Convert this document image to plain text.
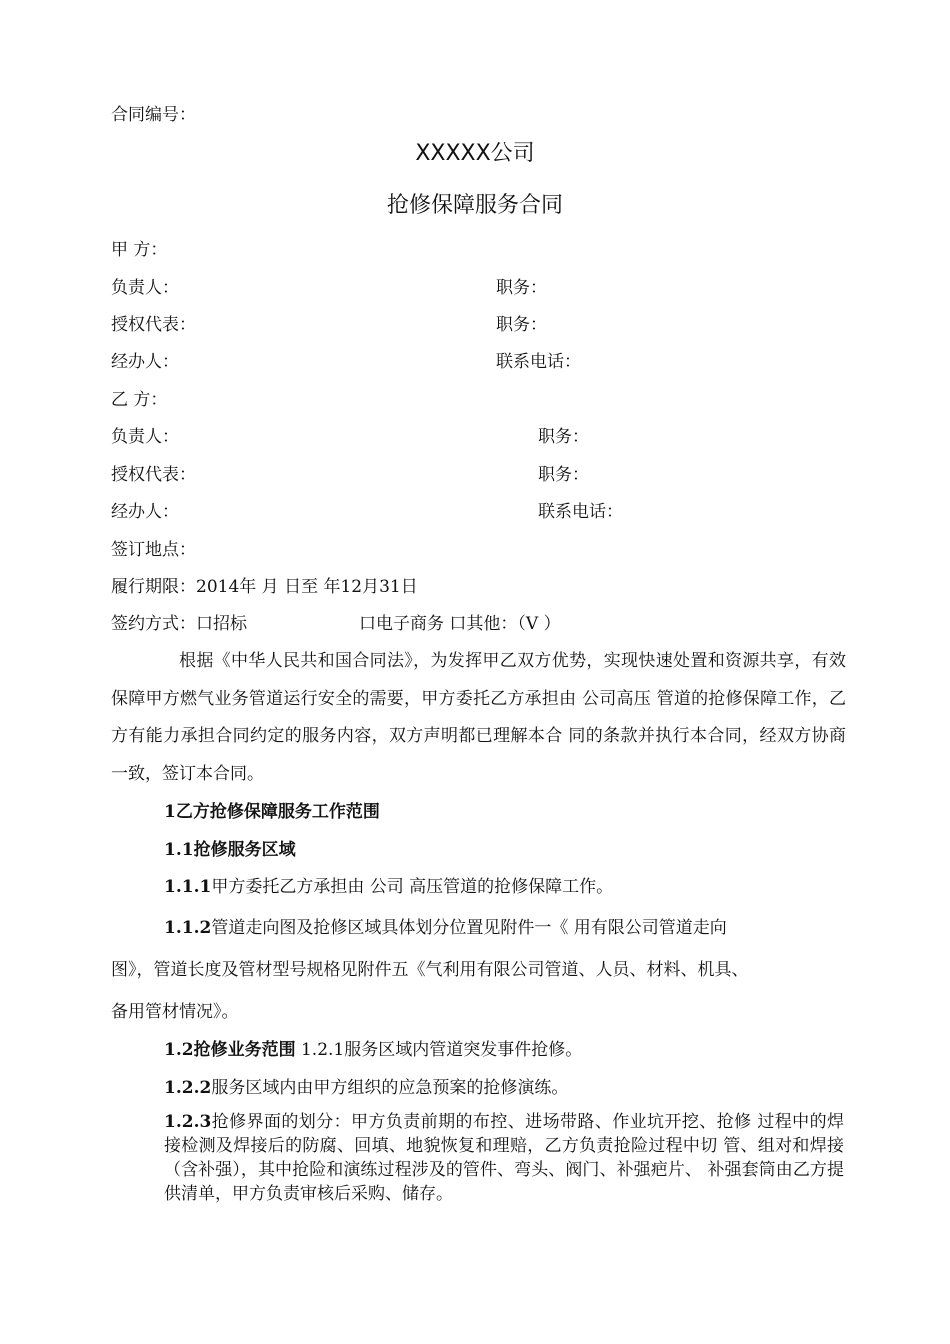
合同编号：
XXXXX公司
抢修保障服务合同
甲 方：
负责人：	职务：
授权代表：	职务：
经办人：	联系电话：
乙 方：
负责人：	职务：
授权代表：	职务：
经办人：	联系电话：
签订地点：
履行期限：2014年 月 日至 年12月31日
签约方式：口招标	口电子商务 口其他：（V ）
根据《中华人民共和国合同法》，为发挥甲乙双方优势，实现快速处置和资源共享，有效保障甲方燃气业务管道运行安全的需要，甲方委托乙方承担由 公司高压 管道的抢修保障工作，乙方有能力承担合同约定的服务内容，双方声明都已理解本合 同的条款并执行本合同，经双方协商一致，签订本合同。
1乙方抢修保障服务工作范围
1.1抢修服务区域
1.1.1甲方委托乙方承担由 公司 高压管道的抢修保障工作。
1.1.2管道走向图及抢修区域具体划分位置见附件一《 用有限公司管道走向
图》，管道长度及管材型号规格见附件五《气利用有限公司管道、人员、材料、机具、
备用管材情况》。
1.2抢修业务范围 1.2.1服务区域内管道突发事件抢修。
1.2.2服务区域内由甲方组织的应急预案的抢修演练。
1.2.3抢修界面的划分：甲方负责前期的布控、进场带路、作业坑开挖、抢修 过程中的焊接检测及焊接后的防腐、回填、地貌恢复和理赔，乙方负责抢险过程中切 管、组对和焊接（含补强），其中抢险和演练过程涉及的管件、弯头、阀门、补强疤片、 补强套筒由乙方提供清单，甲方负责审核后采购、储存。
